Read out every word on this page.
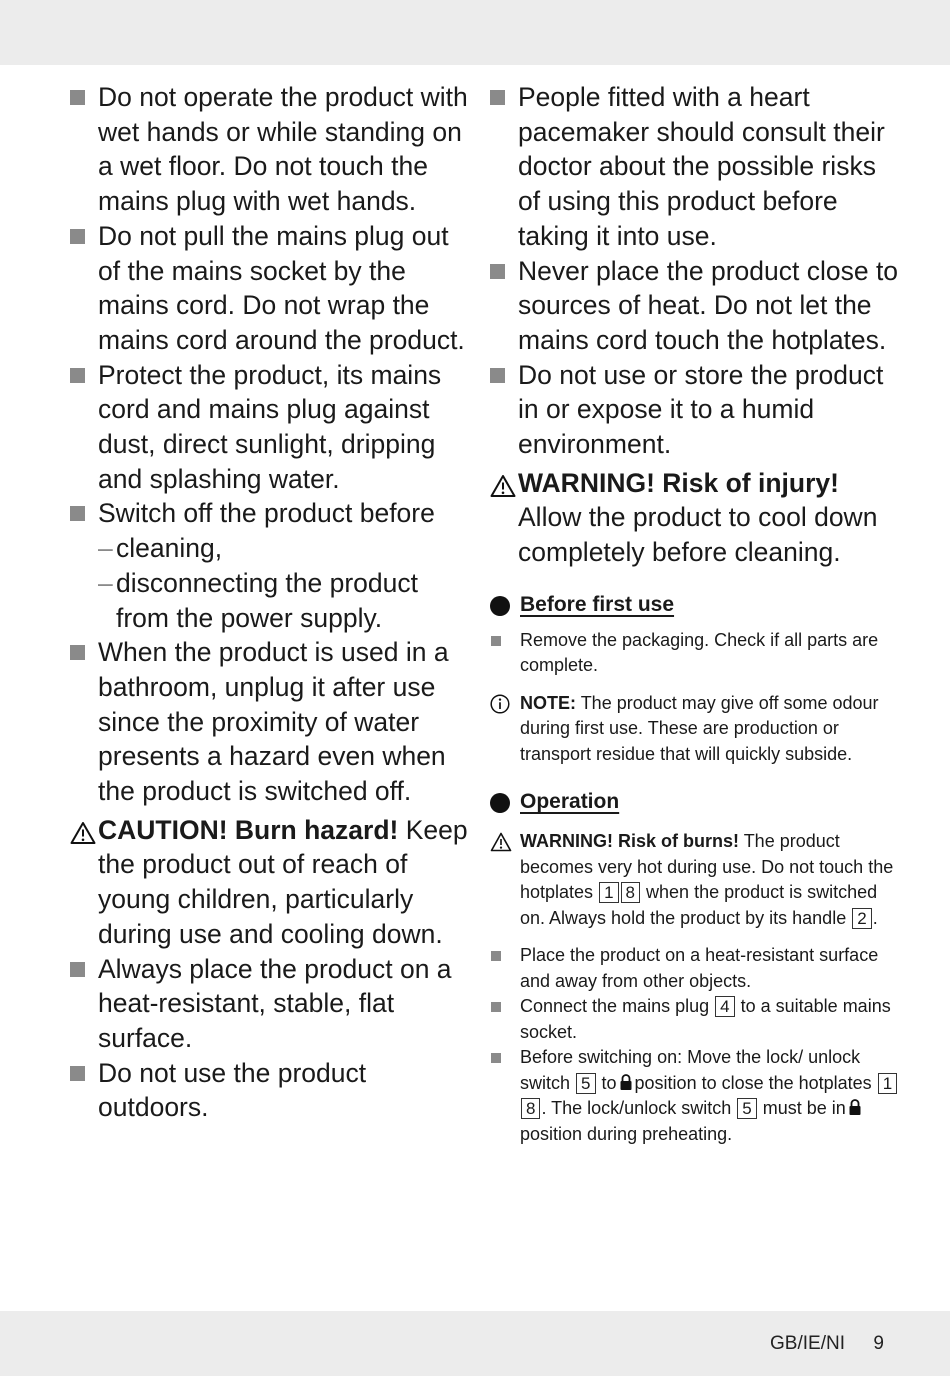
Do not operate the product with wet hands or while standing on a wet floor. Do not touch the mains plug with wet hands.
Do not pull the mains plug out of the mains socket by the mains cord. Do not wrap the mains cord around the product.
Protect the product, its mains cord and mains plug against dust, direct sunlight, dripping and splashing water.
Switch off the product before
– cleaning,
– disconnecting the product from the power supply.
When the product is used in a bathroom, unplug it after use since the proximity of water presents a hazard even when the product is switched off.
CAUTION! Burn hazard! Keep the product out of reach of young children, particularly during use and cooling down.
Always place the product on a heat-resistant, stable, flat surface.
Do not use the product outdoors.
People fitted with a heart pacemaker should consult their doctor about the possible risks of using this product before taking it into use.
Never place the product close to sources of heat. Do not let the mains cord touch the hotplates.
Do not use or store the product in or expose it to a humid environment.
WARNING! Risk of injury! Allow the product to cool down completely before cleaning.
Before first use
Remove the packaging. Check if all parts are complete.
NOTE: The product may give off some odour during first use. These are production or transport residue that will quickly subside.
Operation
WARNING! Risk of burns! The product becomes very hot during use. Do not touch the hotplates 1 8 when the product is switched on. Always hold the product by its handle 2 .
Place the product on a heat-resistant surface and away from other objects.
Connect the mains plug 4 to a suitable mains socket.
Before switching on: Move the lock/ unlock switch 5 to position to close the hotplates 18 . The lock/unlock switch 5 must be inposition during preheating.
GB/IE/NI 9
